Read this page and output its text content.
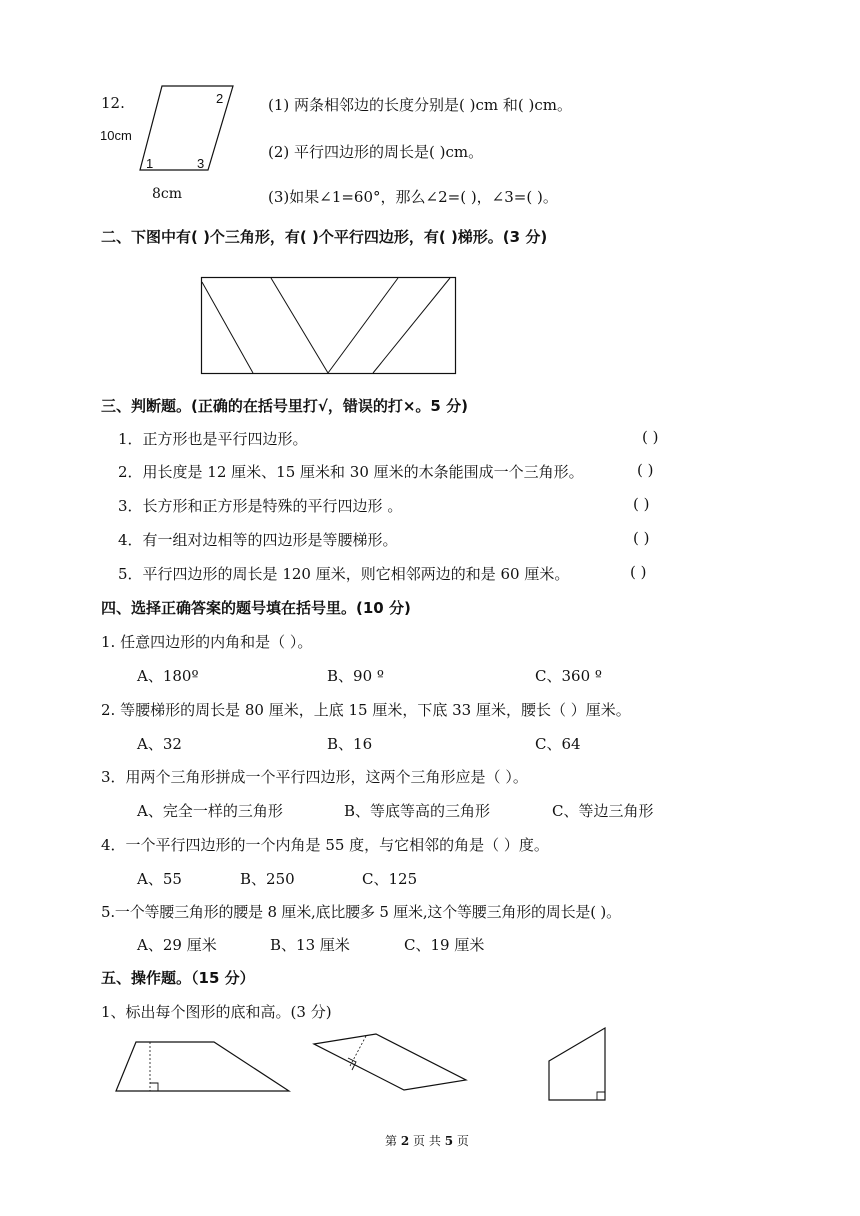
12.
10cm
2
1	3
8cm
(1) 两条相邻边的长度分别是( )cm 和( )cm。
(2) 平行四边形的周长是( )cm。
(3)如果∠1=60°，那么∠2=( )，∠3=( )。
二、下图中有( )个三角形，有( )个平行四边形，有( )梯形。(3 分)
三、判断题。(正确的在括号里打√，错误的打×。5 分)
1．正方形也是平行四边形。	( )
2．用长度是 12 厘米、15 厘米和 30 厘米的木条能围成一个三角形。	( )
3．长方形和正方形是特殊的平行四边形 。	( )
4．有一组对边相等的四边形是等腰梯形。	( )
5．平行四边形的周长是 120 厘米，则它相邻两边的和是 60 厘米。	( )
四、选择正确答案的题号填在括号里。(10 分)
1. 任意四边形的内角和是（ ）。
A、180º	B、90 º	C、360 º
2. 等腰梯形的周长是 80 厘米，上底 15 厘米，下底 33 厘米，腰长（ ）厘米。
A、32	B、16	C、64
3．用两个三角形拼成一个平行四边形，这两个三角形应是（ ）。
A、完全一样的三角形	B、等底等高的三角形	C、等边三角形
4．一个平行四边形的一个内角是 55 度，与它相邻的角是（ ）度。
A、55	B、250	C、125
5.一个等腰三角形的腰是 8 厘米,底比腰多 5 厘米,这个等腰三角形的周长是( )。
A、29 厘米	B、13 厘米	C、19 厘米
五、操作题。（15 分）
1、标出每个图形的底和高。(3 分)
第 2 页 共 5 页
